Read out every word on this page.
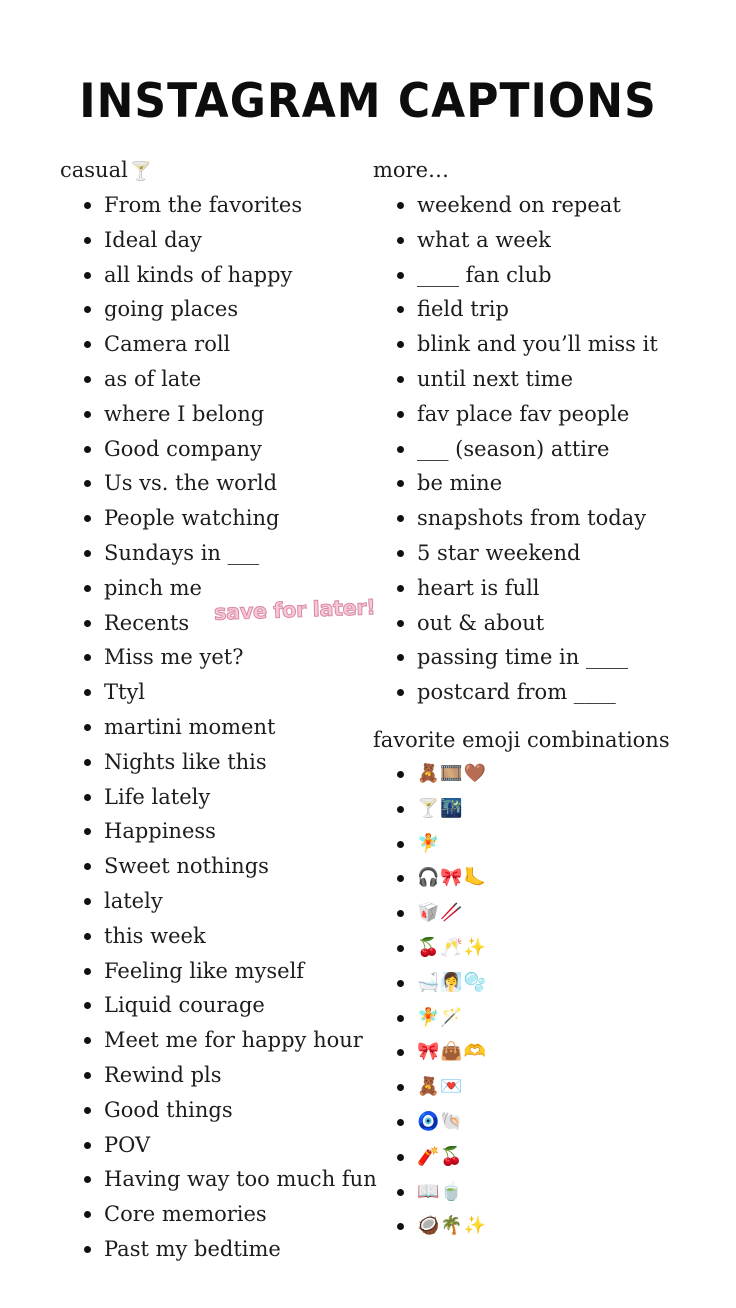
INSTAGRAM CAPTIONS

casual 🍸	more…

favorite emoji combinations

From the favorites
Ideal day
all kinds of happy
going places
Camera roll
as of late
where I belong
Good company
Us vs. the world
People watching
Sundays in ___
pinch me
Recents
Miss me yet?
Ttyl
martini moment
Nights like this
Life lately
Happiness
Sweet nothings
lately
this week
Feeling like myself
Liquid courage
Meet me for happy hour
Rewind pls
Good things
POV
Having way too much fun
Core memories
Past my bedtime
weekend on repeat
what a week
____ fan club
field trip
blink and you’ll miss it
until next time
fav place fav people
___ (season) attire
be mine
snapshots from today
5 star weekend
heart is full
out & about
passing time in ____
postcard from ____
🧸🎞️🤎
🍸🌃
🧚
🎧🎀🦶
🥡🥢
🍒🥂✨
🛁🧖‍♀️🫧
🧚🪄
🎀👜🫶
🧸💌
🧿🐚
🧨🍒
📖🍵
🥥🌴✨
save for later!
